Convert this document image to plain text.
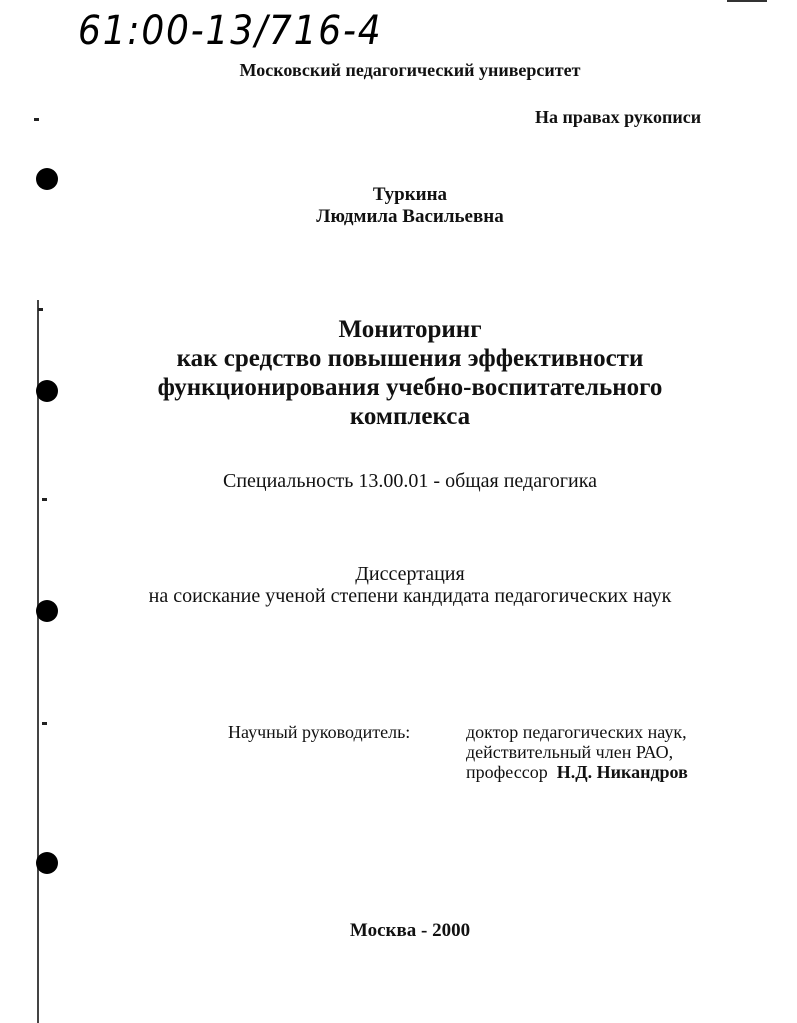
61:00-13/716-4
Московский педагогический университет
На правах рукописи
Туркина
Людмила Васильевна
Мониторинг
как средство повышения эффективности
функционирования учебно-воспитательного
комплекса
Специальность 13.00.01 - общая педагогика
Диссертация
на соискание ученой степени кандидата педагогических наук
Научный руководитель:	доктор педагогических наук,
действительный член РАО,
профессор Н.Д. Никандров
Москва - 2000
